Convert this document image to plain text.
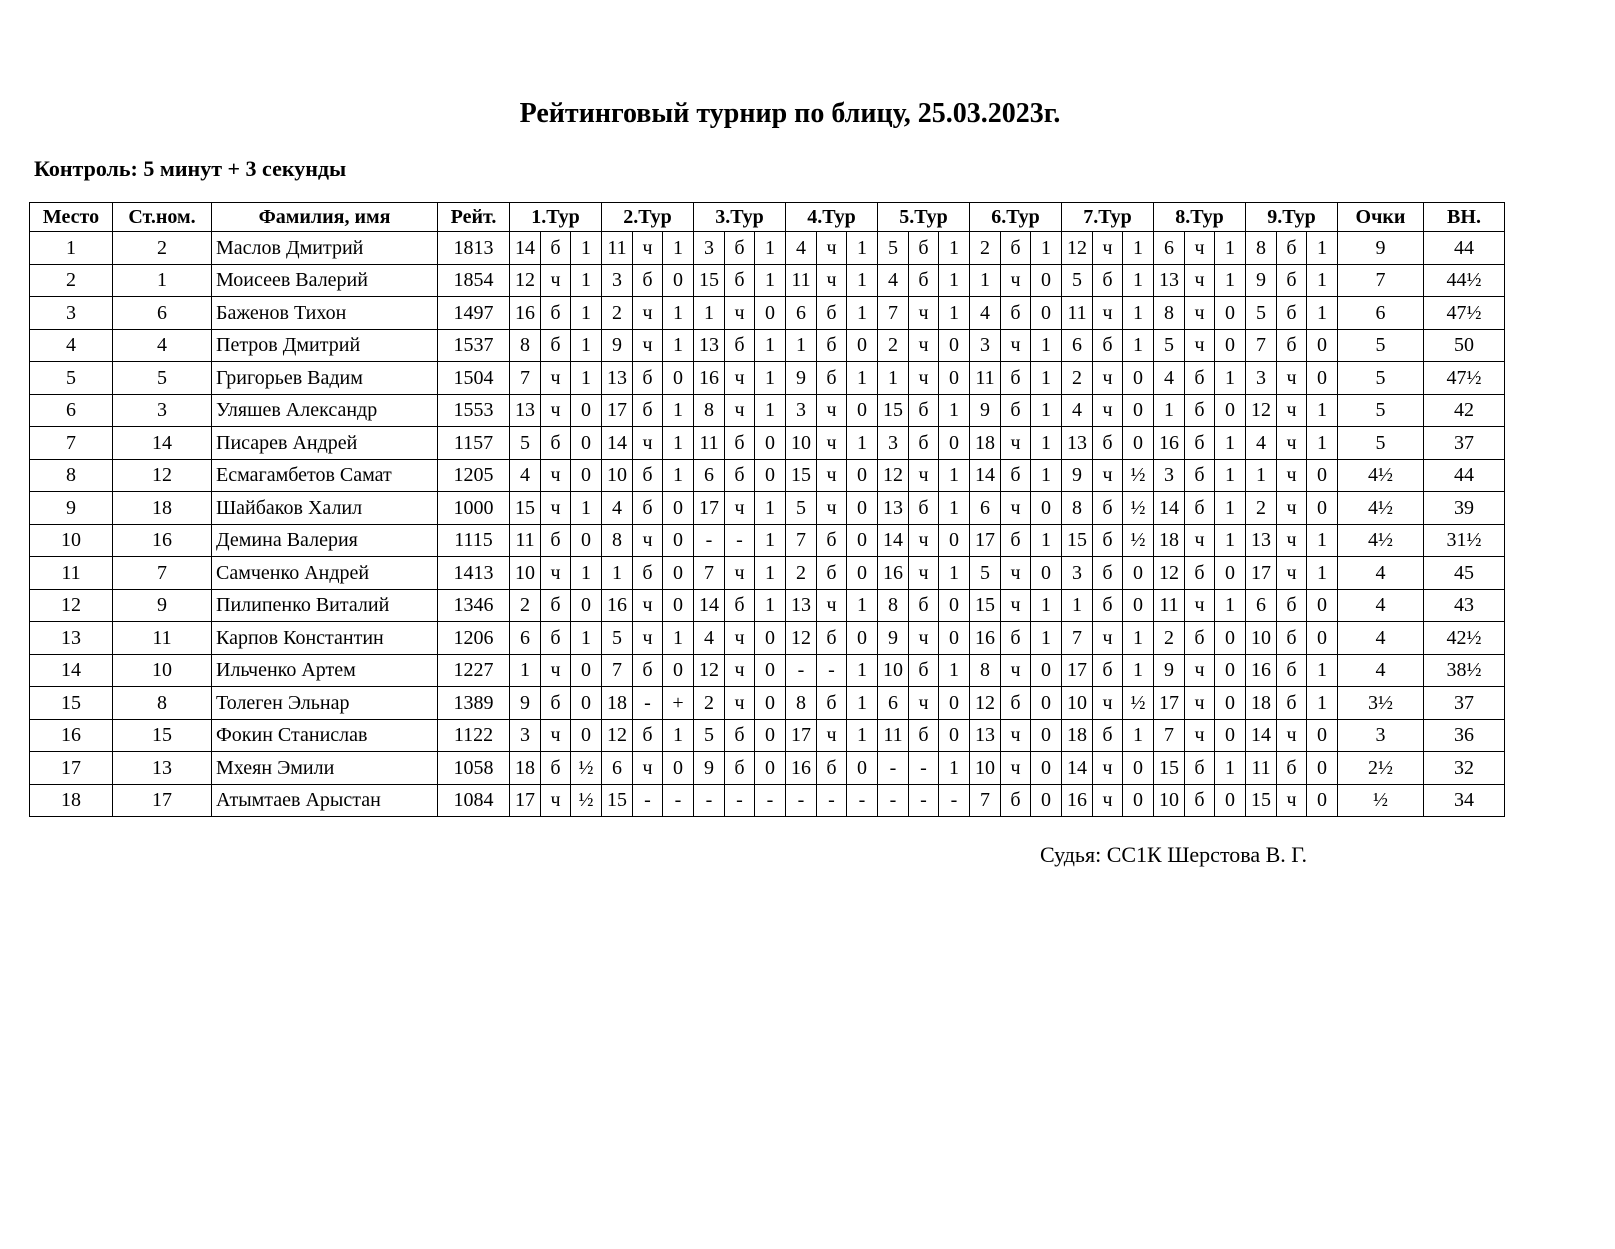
Рейтинговый турнир по блицу, 25.03.2023г.
Контроль: 5 минут + 3 секунды
Место	Ст.ном.	Фамилия, имя	Рейт.	1.Тур			2.Тур			3.Тур			4.Тур			5.Тур			6.Тур			7.Тур			8.Тур			9.Тур			Очки	ВН.
1	2	Маслов Дмитрий	1813	14	б	1	11	ч	1	3	б	1	4	ч	1	5	б	1	2	б	1	12	ч	1	6	ч	1	8	б	1	9	44
2	1	Моисеев Валерий	1854	12	ч	1	3	б	0	15	б	1	11	ч	1	4	б	1	1	ч	0	5	б	1	13	ч	1	9	б	1	7	44½
3	6	Баженов Тихон	1497	16	б	1	2	ч	1	1	ч	0	6	б	1	7	ч	1	4	б	0	11	ч	1	8	ч	0	5	б	1	6	47½
4	4	Петров Дмитрий	1537	8	б	1	9	ч	1	13	б	1	1	б	0	2	ч	0	3	ч	1	6	б	1	5	ч	0	7	б	0	5	50
5	5	Григорьев Вадим	1504	7	ч	1	13	б	0	16	ч	1	9	б	1	1	ч	0	11	б	1	2	ч	0	4	б	1	3	ч	0	5	47½
6	3	Уляшев Александр	1553	13	ч	0	17	б	1	8	ч	1	3	ч	0	15	б	1	9	б	1	4	ч	0	1	б	0	12	ч	1	5	42
7	14	Писарев Андрей	1157	5	б	0	14	ч	1	11	б	0	10	ч	1	3	б	0	18	ч	1	13	б	0	16	б	1	4	ч	1	5	37
8	12	Есмагамбетов Самат	1205	4	ч	0	10	б	1	6	б	0	15	ч	0	12	ч	1	14	б	1	9	ч	½	3	б	1	1	ч	0	4½	44
9	18	Шайбаков Халил	1000	15	ч	1	4	б	0	17	ч	1	5	ч	0	13	б	1	6	ч	0	8	б	½	14	б	1	2	ч	0	4½	39
10	16	Демина Валерия	1115	11	б	0	8	ч	0	-	-	1	7	б	0	14	ч	0	17	б	1	15	б	½	18	ч	1	13	ч	1	4½	31½
11	7	Самченко Андрей	1413	10	ч	1	1	б	0	7	ч	1	2	б	0	16	ч	1	5	ч	0	3	б	0	12	б	0	17	ч	1	4	45
12	9	Пилипенко Виталий	1346	2	б	0	16	ч	0	14	б	1	13	ч	1	8	б	0	15	ч	1	1	б	0	11	ч	1	6	б	0	4	43
13	11	Карпов Константин	1206	6	б	1	5	ч	1	4	ч	0	12	б	0	9	ч	0	16	б	1	7	ч	1	2	б	0	10	б	0	4	42½
14	10	Ильченко Артем	1227	1	ч	0	7	б	0	12	ч	0	-	-	1	10	б	1	8	ч	0	17	б	1	9	ч	0	16	б	1	4	38½
15	8	Толеген Эльнар	1389	9	б	0	18	-	+	2	ч	0	8	б	1	6	ч	0	12	б	0	10	ч	½	17	ч	0	18	б	1	3½	37
16	15	Фокин Станислав	1122	3	ч	0	12	б	1	5	б	0	17	ч	1	11	б	0	13	ч	0	18	б	1	7	ч	0	14	ч	0	3	36
17	13	Мхеян Эмили	1058	18	б	½	6	ч	0	9	б	0	16	б	0	-	-	1	10	ч	0	14	ч	0	15	б	1	11	б	0	2½	32
18	17	Атымтаев Арыстан	1084	17	ч	½	15	-	-	-	-	-	-	-	-	-	-	-	7	б	0	16	ч	0	10	б	0	15	ч	0	½	34
Судья: СС1К Шерстова В. Г.
